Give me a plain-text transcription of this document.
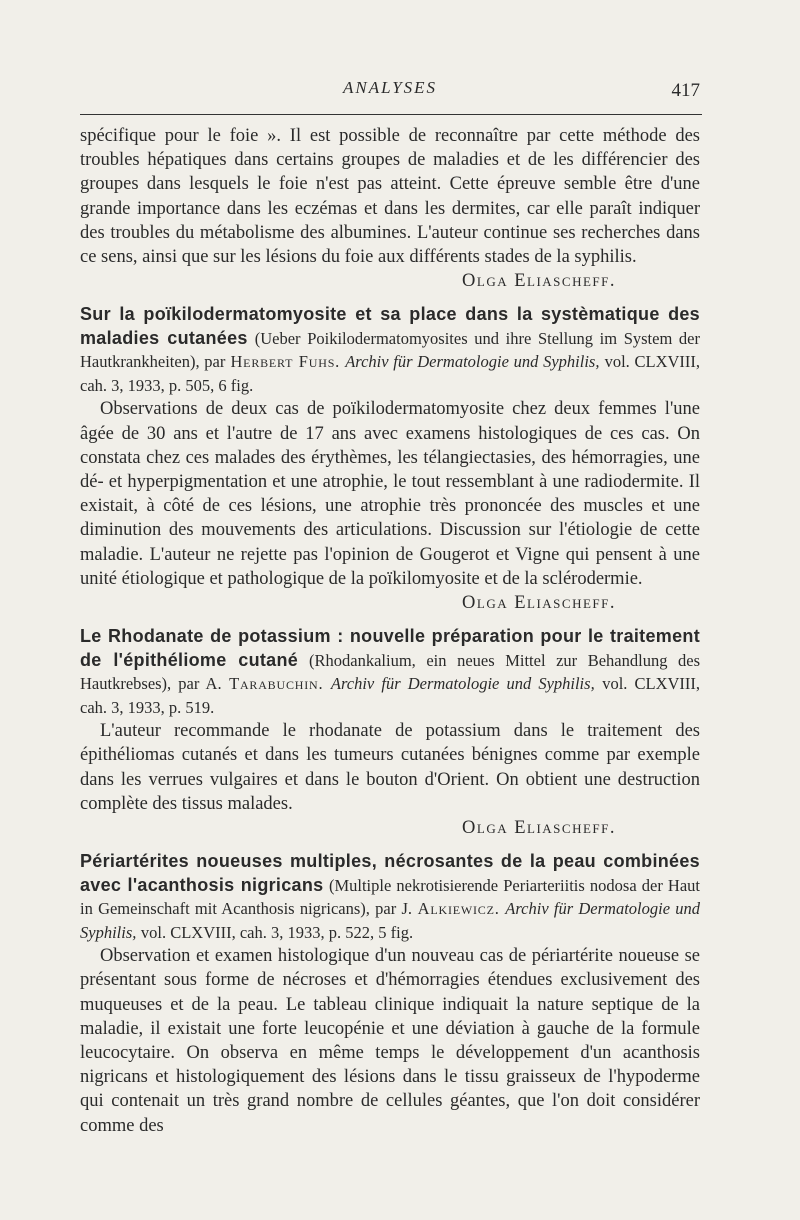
ANALYSES	417

spécifique pour le foie ». Il est possible de reconnaître par cette méthode des troubles hépatiques dans certains groupes de maladies et de les différencier des groupes dans lesquels le foie n'est pas atteint. Cette épreuve semble être d'une grande importance dans les eczémas et dans les dermites, car elle paraît indiquer des troubles du métabolisme des albumines. L'auteur continue ses recherches dans ce sens, ainsi que sur les lésions du foie aux différents stades de la syphilis.

Olga Eliascheff.

Sur la poïkilodermatomyosite et sa place dans la systèmatique des maladies cutanées (Ueber Poikilodermatomyosites und ihre Stellung im System der Hautkrankheiten), par Herbert Fuhs. Archiv für Dermatologie und Syphilis, vol. CLXVIII, cah. 3, 1933, p. 505, 6 fig.

Observations de deux cas de poïkilodermatomyosite chez deux femmes l'une âgée de 30 ans et l'autre de 17 ans avec examens histologiques de ces cas. On constata chez ces malades des érythèmes, les télangiectasies, des hémorragies, une dé- et hyperpigmentation et une atrophie, le tout ressemblant à une radiodermite. Il existait, à côté de ces lésions, une atrophie très prononcée des muscles et une diminution des mouvements des articulations. Discussion sur l'étiologie de cette maladie. L'auteur ne rejette pas l'opinion de Gougerot et Vigne qui pensent à une unité étiologique et pathologique de la poïkilomyosite et de la sclérodermie.

Olga Eliascheff.

Le Rhodanate de potassium : nouvelle préparation pour le traitement de l'épithéliome cutané (Rhodankalium, ein neues Mittel zur Behandlung des Hautkrebses), par A. Tarabuchin. Archiv für Dermatologie und Syphilis, vol. CLXVIII, cah. 3, 1933, p. 519.

L'auteur recommande le rhodanate de potassium dans le traitement des épithéliomas cutanés et dans les tumeurs cutanées bénignes comme par exemple dans les verrues vulgaires et dans le bouton d'Orient. On obtient une destruction complète des tissus malades.

Olga Eliascheff.

Périartérites noueuses multiples, nécrosantes de la peau combinées avec l'acanthosis nigricans (Multiple nekrotisierende Periarteriitis nodosa der Haut in Gemeinschaft mit Acanthosis nigricans), par J. Alkiewicz. Archiv für Dermatologie und Syphilis, vol. CLXVIII, cah. 3, 1933, p. 522, 5 fig.

Observation et examen histologique d'un nouveau cas de périartérite noueuse se présentant sous forme de nécroses et d'hémorragies étendues exclusivement des muqueuses et de la peau. Le tableau clinique indiquait la nature septique de la maladie, il existait une forte leucopénie et une déviation à gauche de la formule leucocytaire. On observa en même temps le développement d'un acanthosis nigricans et histologiquement des lésions dans le tissu graisseux de l'hypoderme qui contenait un très grand nombre de cellules géantes, que l'on doit considérer comme des
